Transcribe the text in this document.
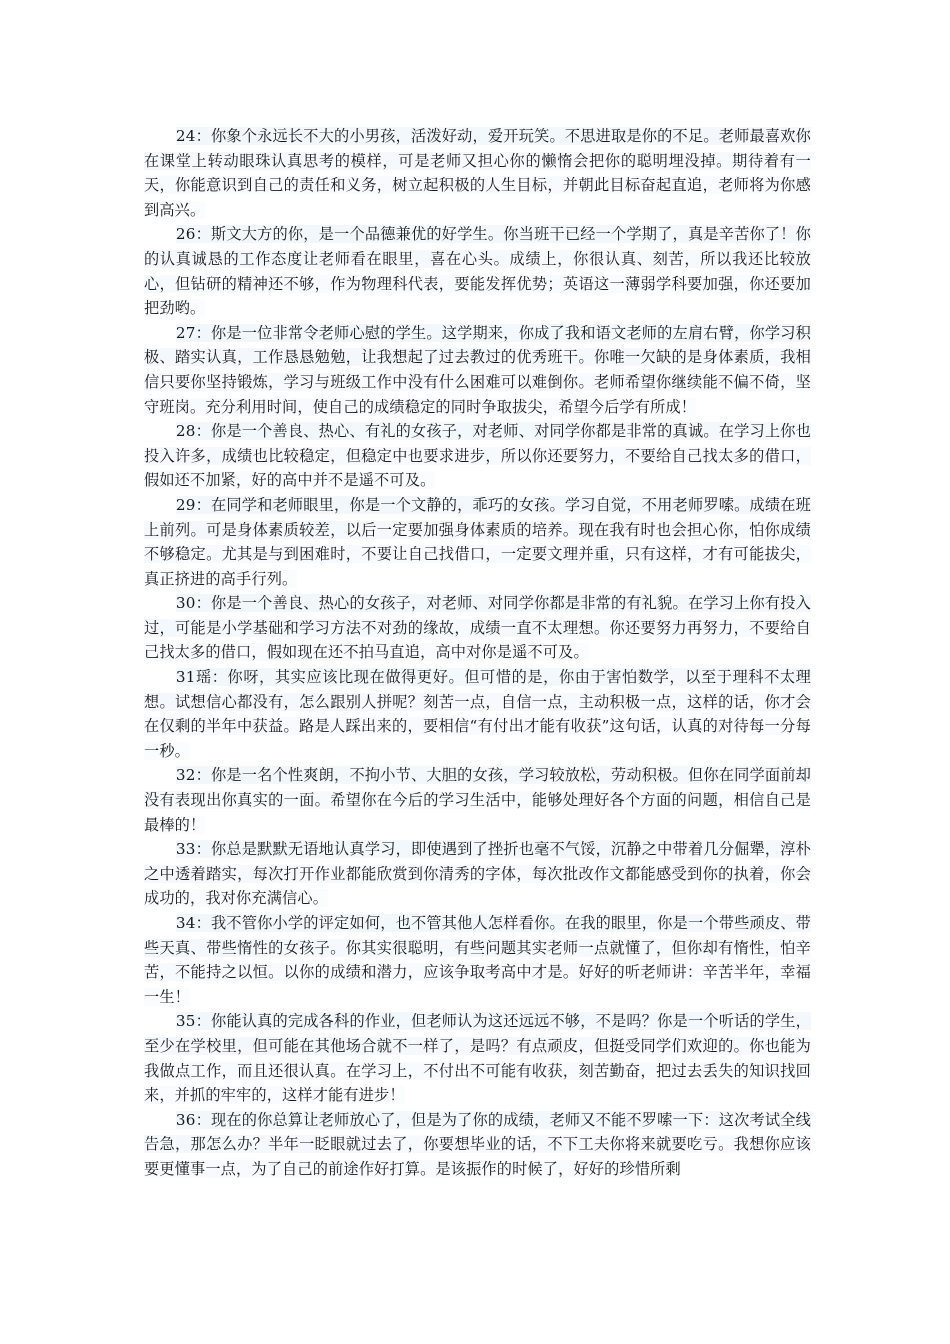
24：你象个永远长不大的小男孩，活泼好动，爱开玩笑。不思进取是你的不足。老师最喜欢你在课堂上转动眼珠认真思考的模样，可是老师又担心你的懒惰会把你的聪明埋没掉。期待着有一天，你能意识到自己的责任和义务，树立起积极的人生目标，并朝此目标奋起直追，老师将为你感到高兴。

26：斯文大方的你，是一个品德兼优的好学生。你当班干已经一个学期了，真是辛苦你了！你的认真诚恳的工作态度让老师看在眼里，喜在心头。成绩上，你很认真、刻苦，所以我还比较放心，但钻研的精神还不够，作为物理科代表，要能发挥优势；英语这一薄弱学科要加强，你还要加把劲哟。

27：你是一位非常令老师心慰的学生。这学期来，你成了我和语文老师的左肩右臂，你学习积极、踏实认真，工作恳恳勉勉，让我想起了过去教过的优秀班干。你唯一欠缺的是身体素质，我相信只要你坚持锻炼，学习与班级工作中没有什么困难可以难倒你。老师希望你继续能不偏不倚，坚守班岗。充分利用时间，使自己的成绩稳定的同时争取拔尖，希望今后学有所成！

28：你是一个善良、热心、有礼的女孩子，对老师、对同学你都是非常的真诚。在学习上你也投入许多，成绩也比较稳定，但稳定中也要求进步，所以你还要努力，不要给自己找太多的借口，假如还不加紧，好的高中并不是遥不可及。

29：在同学和老师眼里，你是一个文静的，乖巧的女孩。学习自觉，不用老师罗嗦。成绩在班上前列。可是身体素质较差，以后一定要加强身体素质的培养。现在我有时也会担心你，怕你成绩不够稳定。尤其是与到困难时，不要让自己找借口，一定要文理并重，只有这样，才有可能拔尖，真正挤进的高手行列。

30：你是一个善良、热心的女孩子，对老师、对同学你都是非常的有礼貌。在学习上你有投入过，可能是小学基础和学习方法不对劲的缘故，成绩一直不太理想。你还要努力再努力，不要给自己找太多的借口，假如现在还不拍马直追，高中对你是遥不可及。

31瑶：你呀，其实应该比现在做得更好。但可惜的是，你由于害怕数学，以至于理科不太理想。试想信心都没有，怎么跟别人拼呢？刻苦一点，自信一点，主动积极一点，这样的话，你才会在仅剩的半年中获益。路是人踩出来的，要相信“有付出才能有收获”这句话，认真的对待每一分每一秒。

32：你是一名个性爽朗，不拘小节、大胆的女孩，学习较放松，劳动积极。但你在同学面前却没有表现出你真实的一面。希望你在今后的学习生活中，能够处理好各个方面的问题，相信自己是最棒的！

33：你总是默默无语地认真学习，即使遇到了挫折也毫不气馁，沉静之中带着几分倔犟，淳朴之中透着踏实，每次打开作业都能欣赏到你清秀的字体，每次批改作文都能感受到你的执着，你会成功的，我对你充满信心。

34：我不管你小学的评定如何，也不管其他人怎样看你。在我的眼里，你是一个带些顽皮、带些天真、带些惰性的女孩子。你其实很聪明，有些问题其实老师一点就懂了，但你却有惰性，怕辛苦，不能持之以恒。以你的成绩和潜力，应该争取考高中才是。好好的听老师讲：辛苦半年，幸福一生！

35：你能认真的完成各科的作业，但老师认为这还远远不够，不是吗？你是一个听话的学生，至少在学校里，但可能在其他场合就不一样了，是吗？有点顽皮，但挺受同学们欢迎的。你也能为我做点工作，而且还很认真。在学习上，不付出不可能有收获，刻苦勤奋，把过去丢失的知识找回来，并抓的牢牢的，这样才能有进步！

36：现在的你总算让老师放心了，但是为了你的成绩，老师又不能不罗嗦一下：这次考试全线告急，那怎么办？半年一眨眼就过去了，你要想毕业的话，不下工夫你将来就要吃亏。我想你应该要更懂事一点，为了自己的前途作好打算。是该振作的时候了，好好的珍惜所剩
